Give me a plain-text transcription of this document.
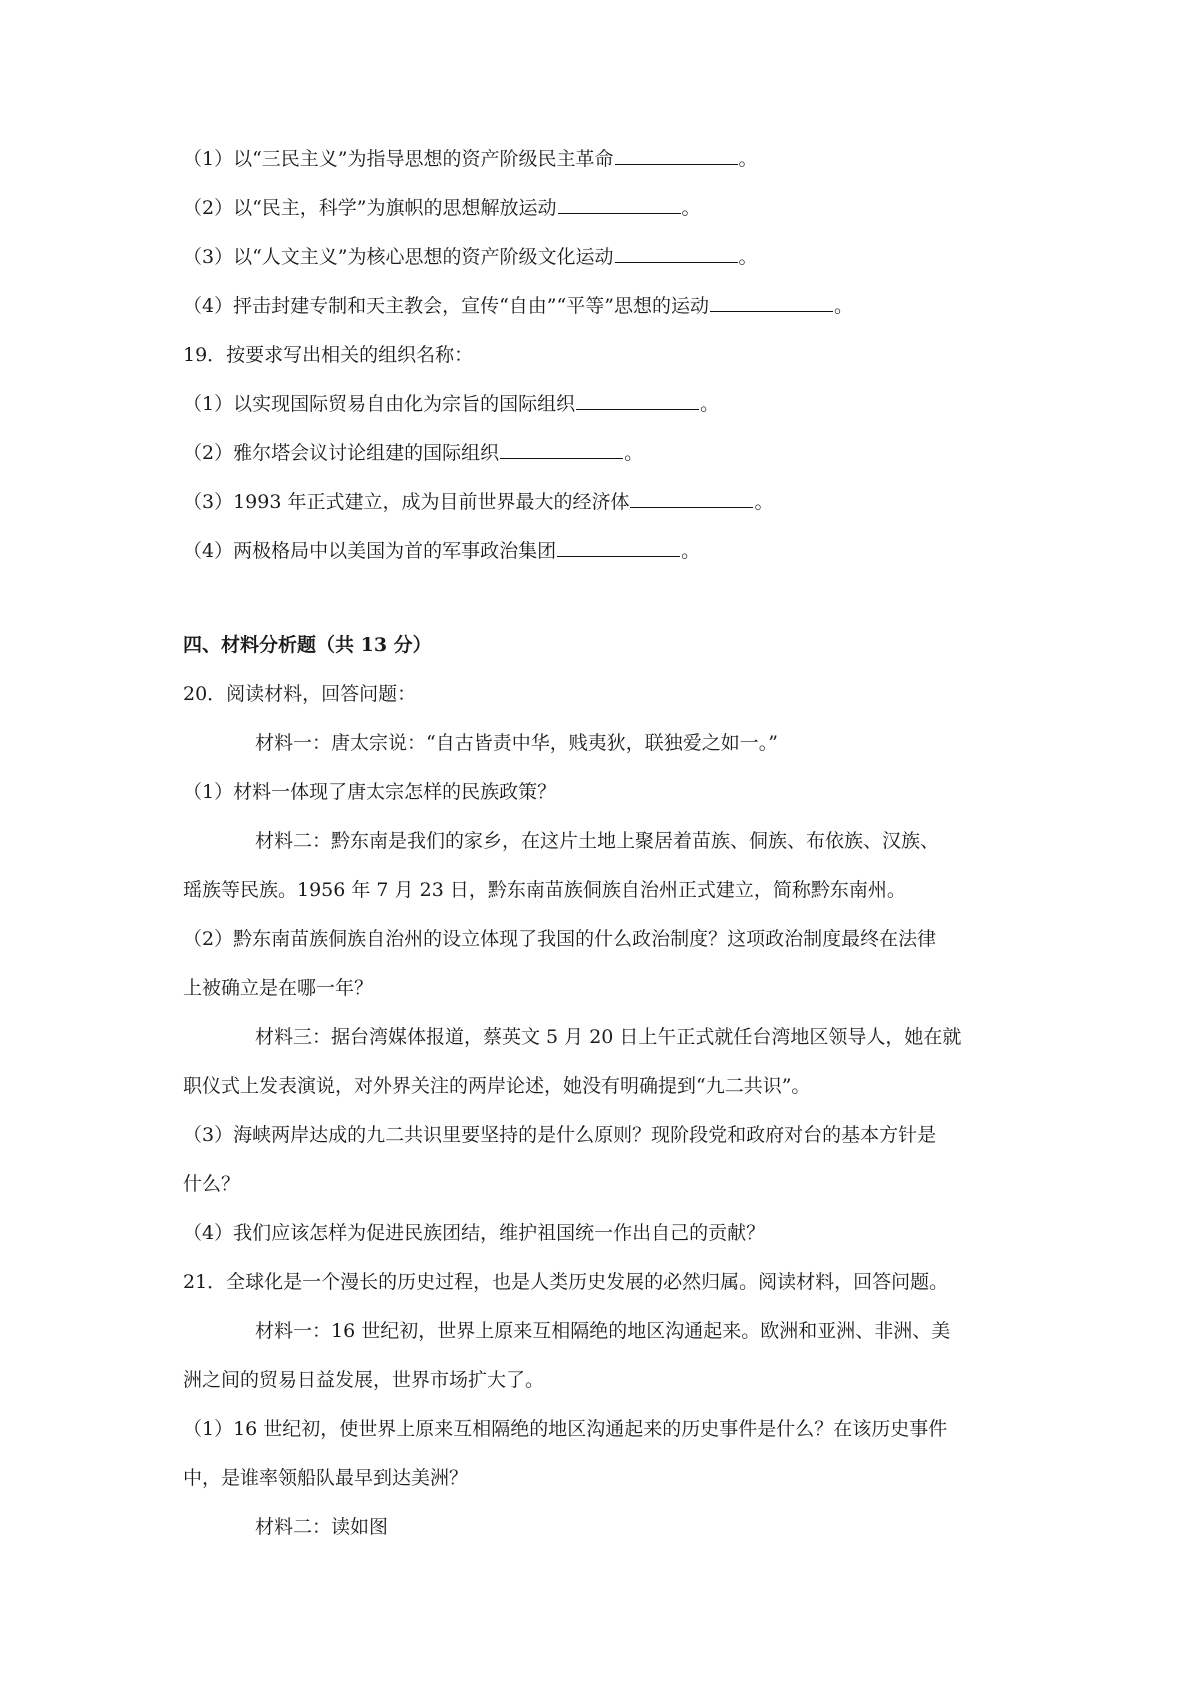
（1）以“三民主义”为指导思想的资产阶级民主革命	。
（2）以“民主，科学”为旗帜的思想解放运动	。
（3）以“人文主义”为核心思想的资产阶级文化运动	。
（4）抨击封建专制和天主教会，宣传“自由”“平等”思想的运动	。
19．按要求写出相关的组织名称：
（1）以实现国际贸易自由化为宗旨的国际组织	。
（2）雅尔塔会议讨论组建的国际组织	。
（3）1993 年正式建立，成为目前世界最大的经济体	。
（4）两极格局中以美国为首的军事政治集团	。
四、材料分析题（共 13 分）
20．阅读材料，回答问题：
材料一：唐太宗说：“自古皆责中华，贱夷狄，联独爱之如一。”
（1）材料一体现了唐太宗怎样的民族政策？
材料二：黔东南是我们的家乡，在这片土地上聚居着苗族、侗族、布依族、汉族、
瑶族等民族。1956 年 7 月 23 日，黔东南苗族侗族自治州正式建立，简称黔东南州。
（2）黔东南苗族侗族自治州的设立体现了我国的什么政治制度？这项政治制度最终在法律
上被确立是在哪一年？
材料三：据台湾媒体报道，蔡英文 5 月 20 日上午正式就任台湾地区领导人，她在就
职仪式上发表演说，对外界关注的两岸论述，她没有明确提到“九二共识”。
（3）海峡两岸达成的九二共识里要坚持的是什么原则？现阶段党和政府对台的基本方针是
什么？
（4）我们应该怎样为促进民族团结，维护祖国统一作出自己的贡献？
21．全球化是一个漫长的历史过程，也是人类历史发展的必然归属。阅读材料，回答问题。
材料一：16 世纪初，世界上原来互相隔绝的地区沟通起来。欧洲和亚洲、非洲、美
洲之间的贸易日益发展，世界市场扩大了。
（1）16 世纪初，使世界上原来互相隔绝的地区沟通起来的历史事件是什么？在该历史事件
中，是谁率领船队最早到达美洲？
材料二：读如图
